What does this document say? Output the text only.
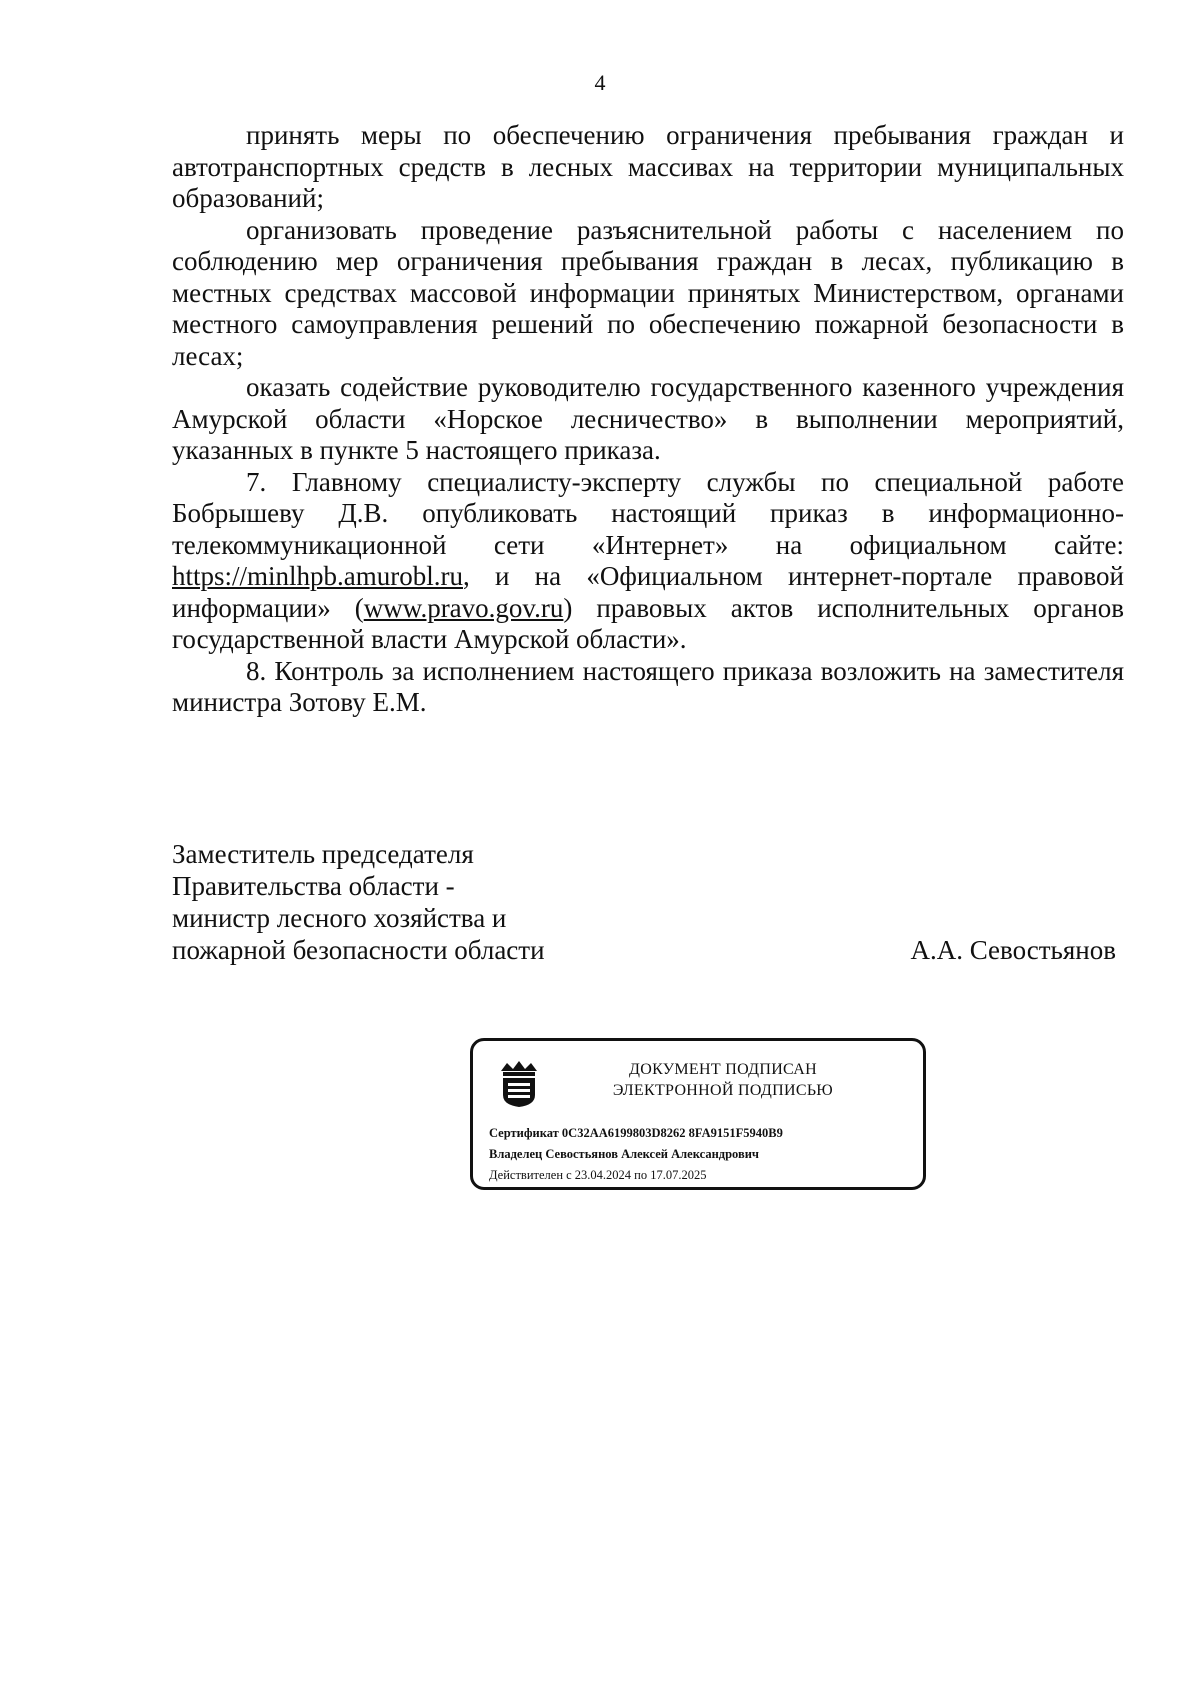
4

принять меры по обеспечению ограничения пребывания граждан и автотранспортных средств в лесных массивах на территории муниципальных образований;

организовать проведение разъяснительной работы с населением по соблюдению мер ограничения пребывания граждан в лесах, публикацию в местных средствах массовой информации принятых Министерством, органами местного самоуправления решений по обеспечению пожарной безопасности в лесах;

оказать содействие руководителю государственного казенного учреждения Амурской области «Норское лесничество» в выполнении мероприятий, указанных в пункте 5 настоящего приказа.

7. Главному специалисту-эксперту службы по специальной работе Бобрышеву Д.В. опубликовать настоящий приказ в информационно-телекоммуникационной сети «Интернет» на официальном сайте: https://minlhpb.amurobl.ru, и на «Официальном интернет-портале правовой информации» (www.pravo.gov.ru) правовых актов исполнительных органов государственной власти Амурской области».

8. Контроль за исполнением настоящего приказа возложить на заместителя министра Зотову Е.М.

Заместитель председателя
Правительства области -
министр лесного хозяйства и
пожарной безопасности области	А.А. Севостьянов
ДОКУМЕНТ ПОДПИСАН
ЭЛЕКТРОННОЙ ПОДПИСЬЮ
Сертификат 0C32AA6199803D8262 8FA9151F5940B9
Владелец Севостьянов Алексей Александрович
Действителен с 23.04.2024 по 17.07.2025
